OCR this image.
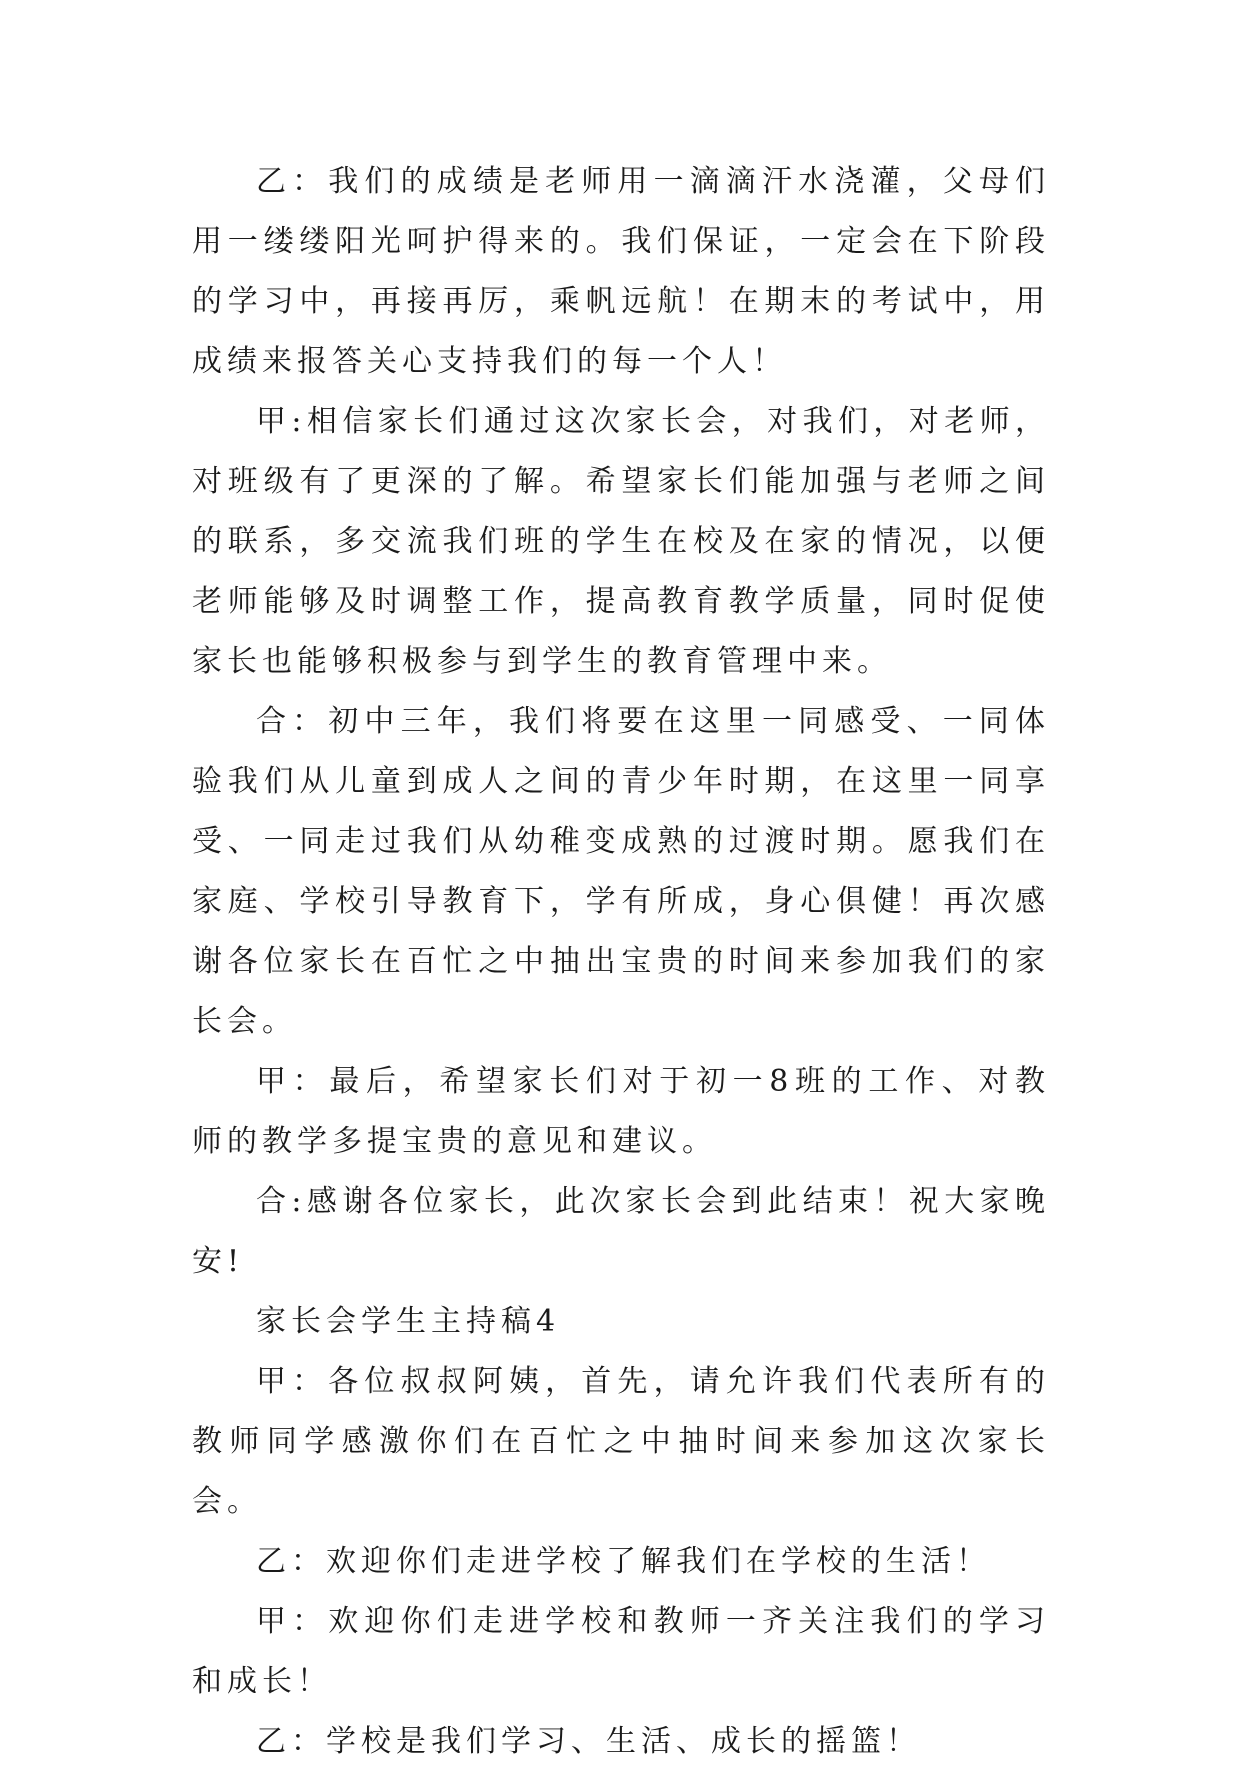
乙：我们的成绩是老师用一滴滴汗水浇灌，父母们用一缕缕阳光呵护得来的。我们保证，一定会在下阶段的学习中，再接再厉，乘帆远航！在期末的考试中，用成绩来报答关心支持我们的每一个人！

甲:相信家长们通过这次家长会，对我们，对老师，对班级有了更深的了解。希望家长们能加强与老师之间的联系，多交流我们班的学生在校及在家的情况，以便老师能够及时调整工作，提高教育教学质量，同时促使家长也能够积极参与到学生的教育管理中来。

合：初中三年，我们将要在这里一同感受、一同体验我们从儿童到成人之间的青少年时期，在这里一同享受、一同走过我们从幼稚变成熟的过渡时期。愿我们在家庭、学校引导教育下，学有所成，身心俱健！再次感谢各位家长在百忙之中抽出宝贵的时间来参加我们的家长会。

甲：最后，希望家长们对于初一8班的工作、对教师的教学多提宝贵的意见和建议。

合:感谢各位家长，此次家长会到此结束！祝大家晚安!

家长会学生主持稿4

甲：各位叔叔阿姨，首先，请允许我们代表所有的教师同学感激你们在百忙之中抽时间来参加这次家长会。

乙：欢迎你们走进学校了解我们在学校的生活！

甲：欢迎你们走进学校和教师一齐关注我们的学习和成长！

乙：学校是我们学习、生活、成长的摇篮！
